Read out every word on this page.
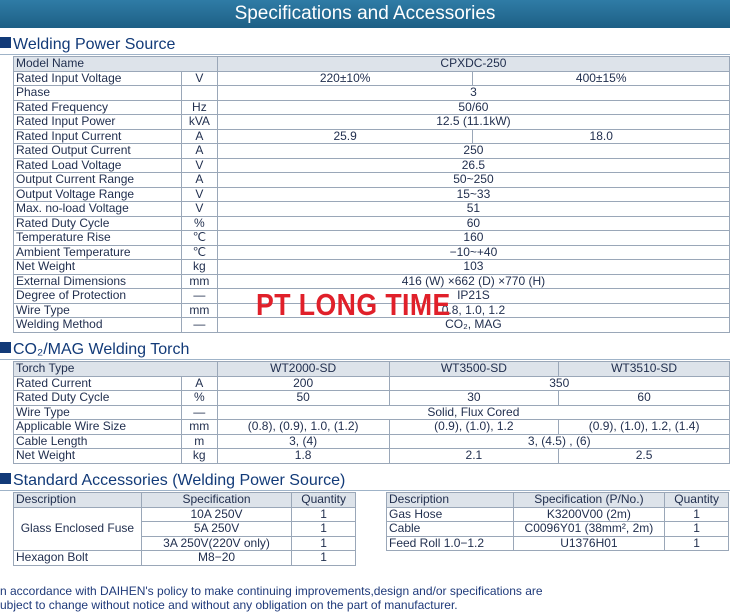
Specifications and Accessories
Welding Power Source
Model Name		CPXDC-250	
Rated Input Voltage	V	220±10%	400±15%
Phase		3	
Rated Frequency	Hz	50/60	
Rated Input Power	kVA	12.5 (11.1kW)	
Rated Input Current	A	25.9	18.0
Rated Output Current	A	250	
Rated Load Voltage	V	26.5	
Output Current Range	A	50~250	
Output Voltage Range	V	15~33	
Max. no-load Voltage	V	51	
Rated Duty Cycle	%	60	
Temperature Rise	℃	160	
Ambient Temperature	℃	−10~+40	
Net Weight	kg	103	
External Dimensions	mm	416 (W) ×662 (D) ×770 (H)	
Degree of Protection	—	IP21S	
Wire Type	mm	0.8, 1.0, 1.2	
Welding Method	—	CO₂, MAG	
PT LONG TIME
CO₂/MAG Welding Torch
Torch Type		WT2000-SD	WT3500-SD	WT3510-SD
Rated Current	A	200	350	
Rated Duty Cycle	%	50	30	60
Wire Type	—	Solid, Flux Cored		
Applicable Wire Size	mm	(0.8), (0.9), 1.0, (1.2)	(0.9), (1.0), 1.2	(0.9), (1.0), 1.2, (1.4)
Cable Length	m	3, (4)	3, (4.5) , (6)	
Net Weight	kg	1.8	2.1	2.5
Standard Accessories (Welding Power Source)
Description	Specification	Quantity
Glass Enclosed Fuse	10A 250V	1
	5A 250V	1
	3A 250V(220V only)	1
Hexagon Bolt	M8−20	1
Description	Specification (P/No.)	Quantity
Gas Hose	K3200V00 (2m)	1
Cable	C0096Y01 (38mm², 2m)	1
Feed Roll 1.0−1.2	U1376H01	1
n accordance with DAIHEN's policy to make continuing improvements,design and/or specifications are
ubject to change without notice and without any obligation on the part of manufacturer.
